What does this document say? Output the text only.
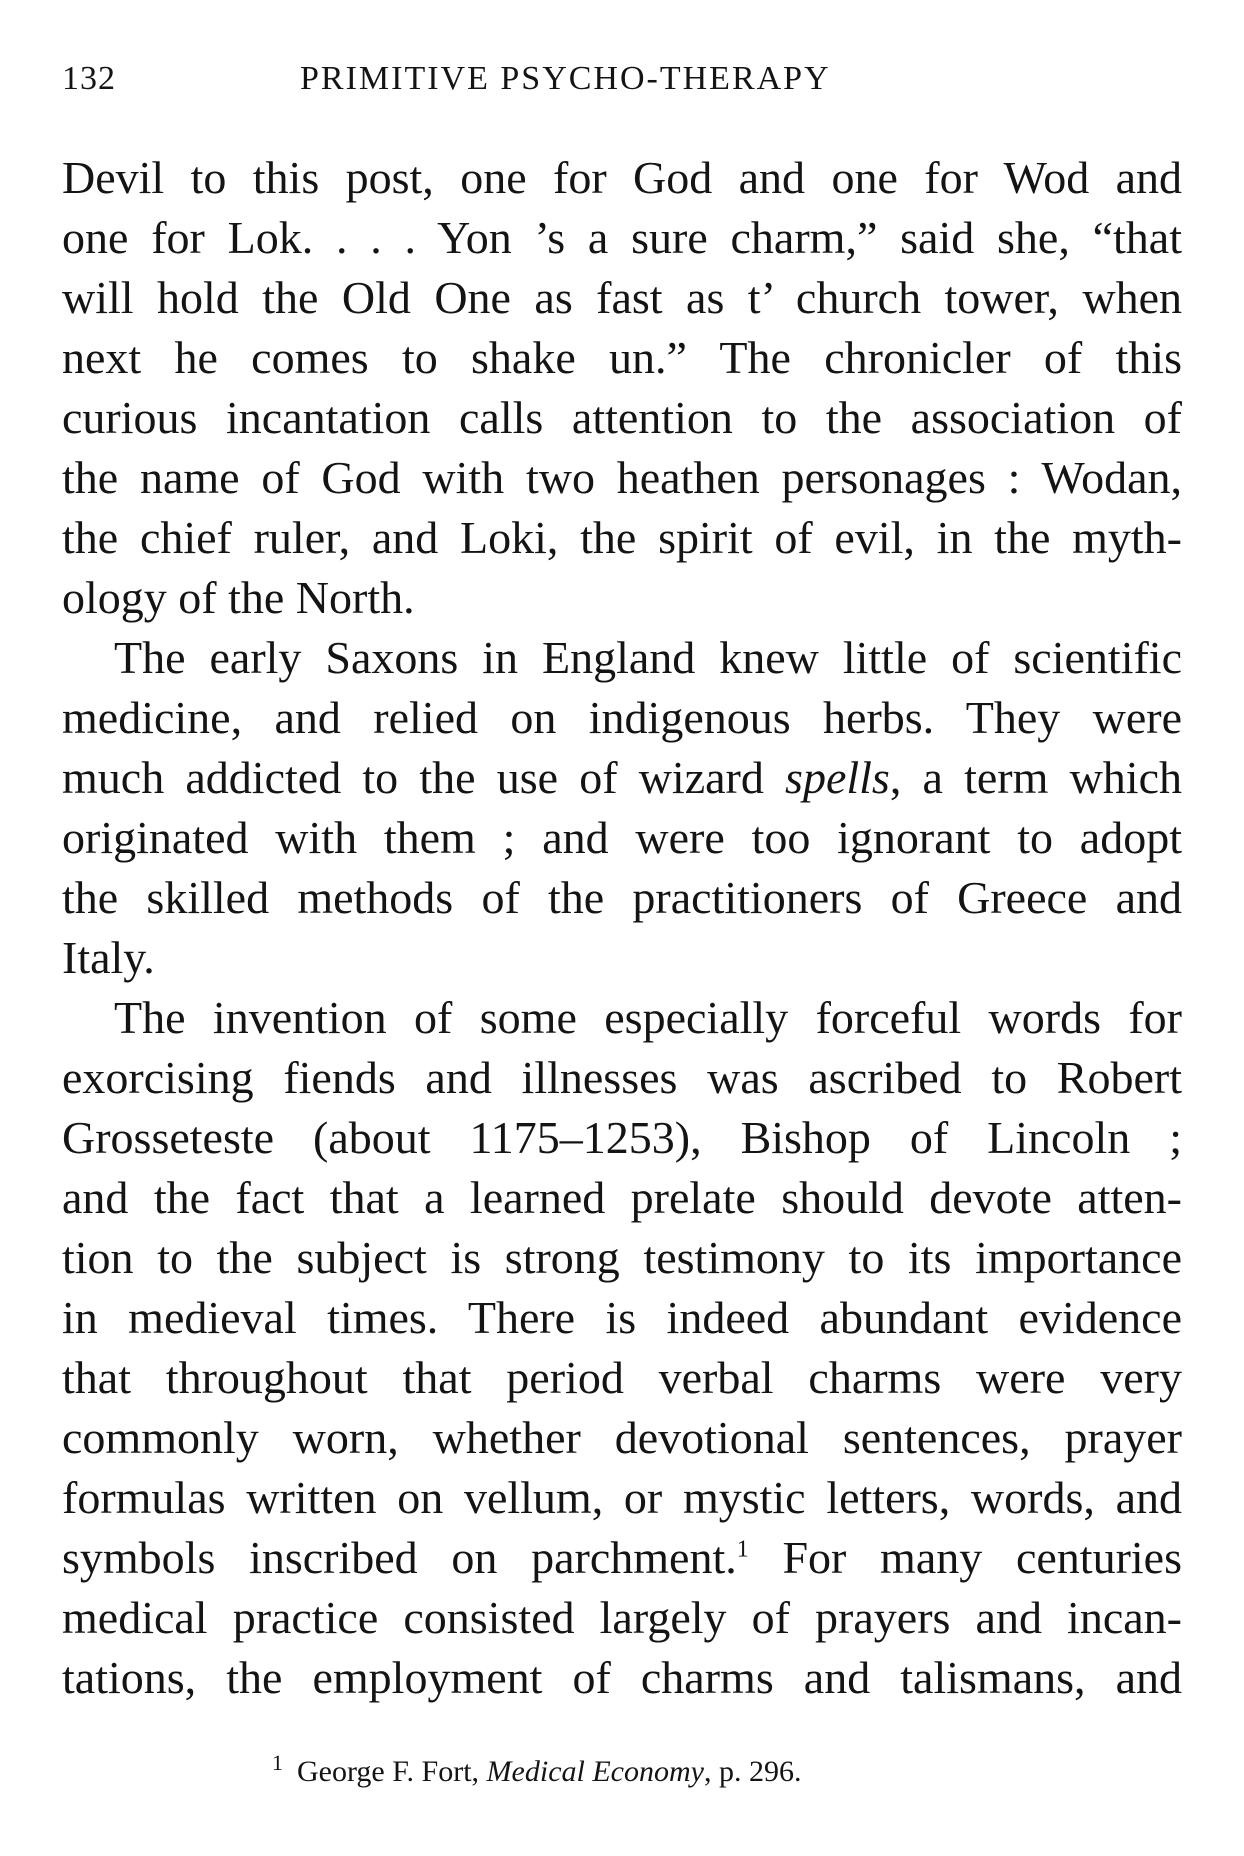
132	PRIMITIVE PSYCHO-THERAPY
Devil to this post, one for God and one for Wod and
one for Lok. . . . Yon ’s a sure charm,” said she, “that
will hold the Old One as fast as t’ church tower, when
next he comes to shake un.” The chronicler of this
curious incantation calls attention to the association of
the name of God with two heathen personages : Wodan,
the chief ruler, and Loki, the spirit of evil, in the myth-
ology of the North.
The early Saxons in England knew little of scientific
medicine, and relied on indigenous herbs. They were
much addicted to the use of wizard spells, a term which
originated with them ; and were too ignorant to adopt
the skilled methods of the practitioners of Greece and
Italy.
The invention of some especially forceful words for
exorcising fiends and illnesses was ascribed to Robert
Grosseteste (about 1175–1253), Bishop of Lincoln ;
and the fact that a learned prelate should devote atten-
tion to the subject is strong testimony to its importance
in medieval times. There is indeed abundant evidence
that throughout that period verbal charms were very
commonly worn, whether devotional sentences, prayer
formulas written on vellum, or mystic letters, words, and
symbols inscribed on parchment.$^1$ For many centuries
medical practice consisted largely of prayers and incan-
tations, the employment of charms and talismans, and
$^1$ George F. Fort, Medical Economy, p. 296.
